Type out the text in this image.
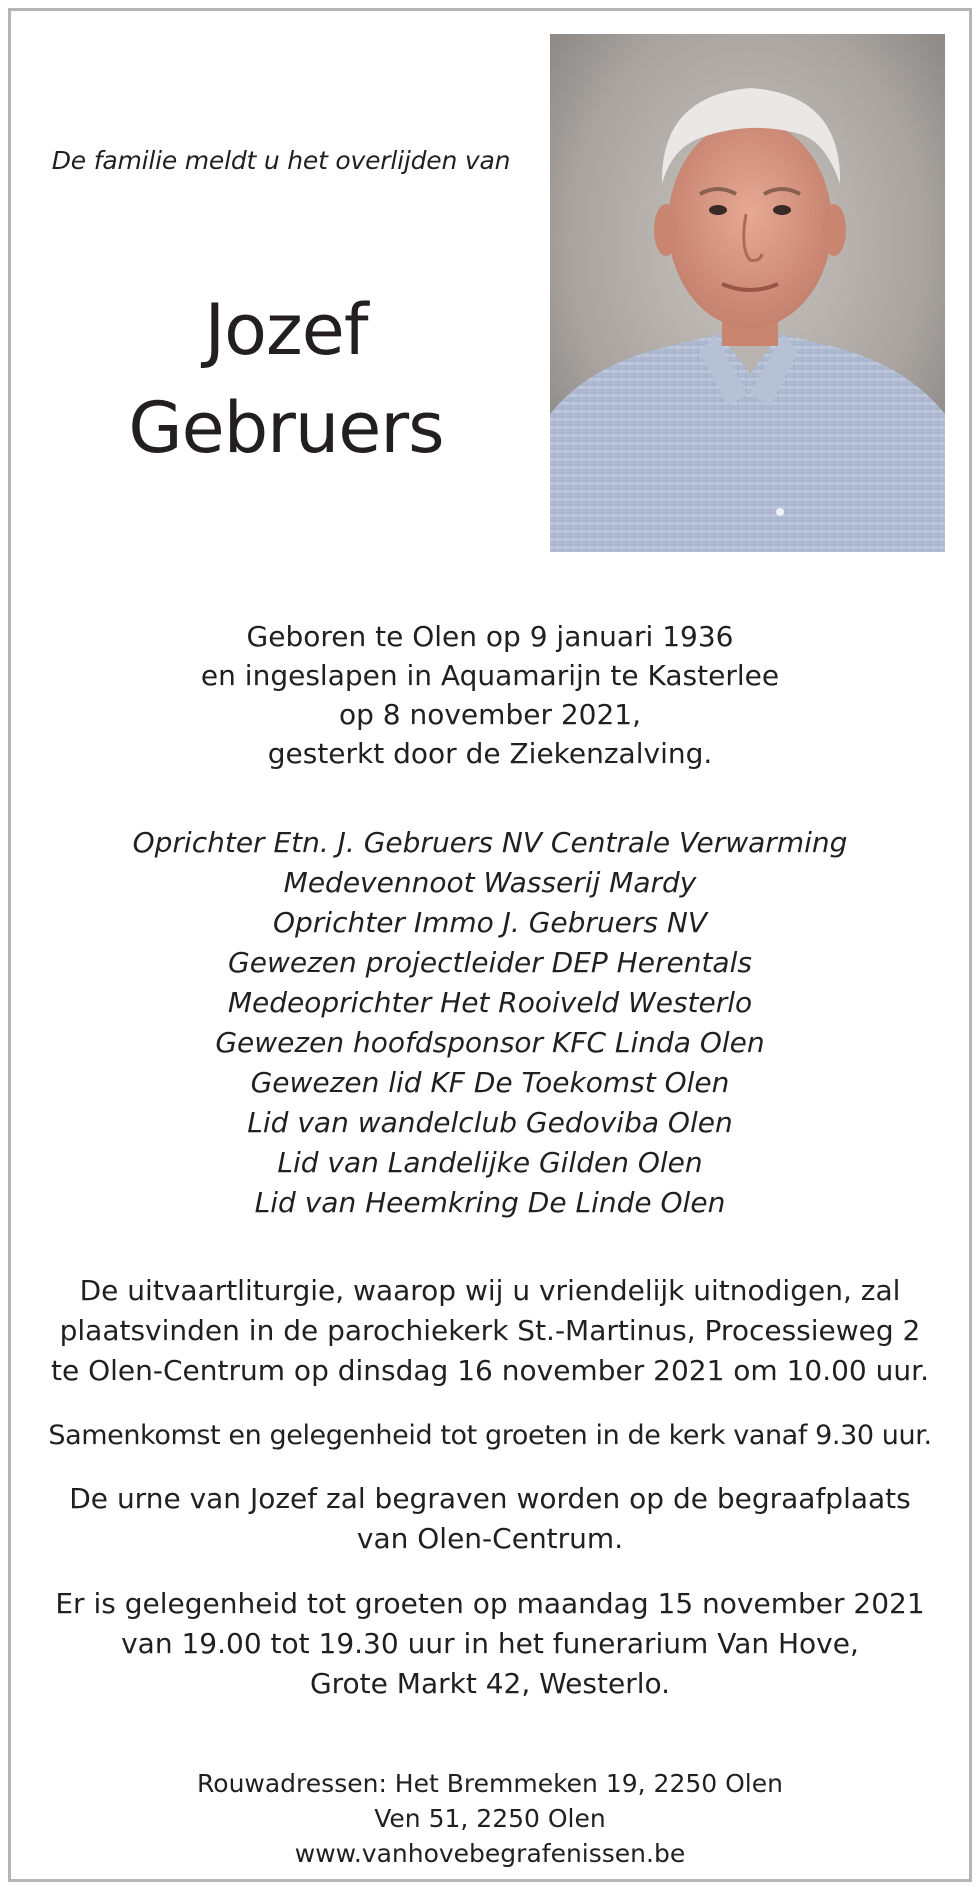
De familie meldt u het overlijden van
Jozef
Gebruers
Geboren te Olen op 9 januari 1936
en ingeslapen in Aquamarijn te Kasterlee
op 8 november 2021,
gesterkt door de Ziekenzalving.
Oprichter Etn. J. Gebruers NV Centrale Verwarming
Medevennoot Wasserij Mardy
Oprichter Immo J. Gebruers NV
Gewezen projectleider DEP Herentals
Medeoprichter Het Rooiveld Westerlo
Gewezen hoofdsponsor KFC Linda Olen
Gewezen lid KF De Toekomst Olen
Lid van wandelclub Gedoviba Olen
Lid van Landelijke Gilden Olen
Lid van Heemkring De Linde Olen
De uitvaartliturgie, waarop wij u vriendelijk uitnodigen, zal
plaatsvinden in de parochiekerk St.-Martinus, Processieweg 2
te Olen-Centrum op dinsdag 16 november 2021 om 10.00 uur.
Samenkomst en gelegenheid tot groeten in de kerk vanaf 9.30 uur.
De urne van Jozef zal begraven worden op de begraafplaats
van Olen-Centrum.
Er is gelegenheid tot groeten op maandag 15 november 2021
van 19.00 tot 19.30 uur in het funerarium Van Hove,
Grote Markt 42, Westerlo.
Rouwadressen: Het Bremmeken 19, 2250 Olen
Ven 51, 2250 Olen
www.vanhovebegrafenissen.be
